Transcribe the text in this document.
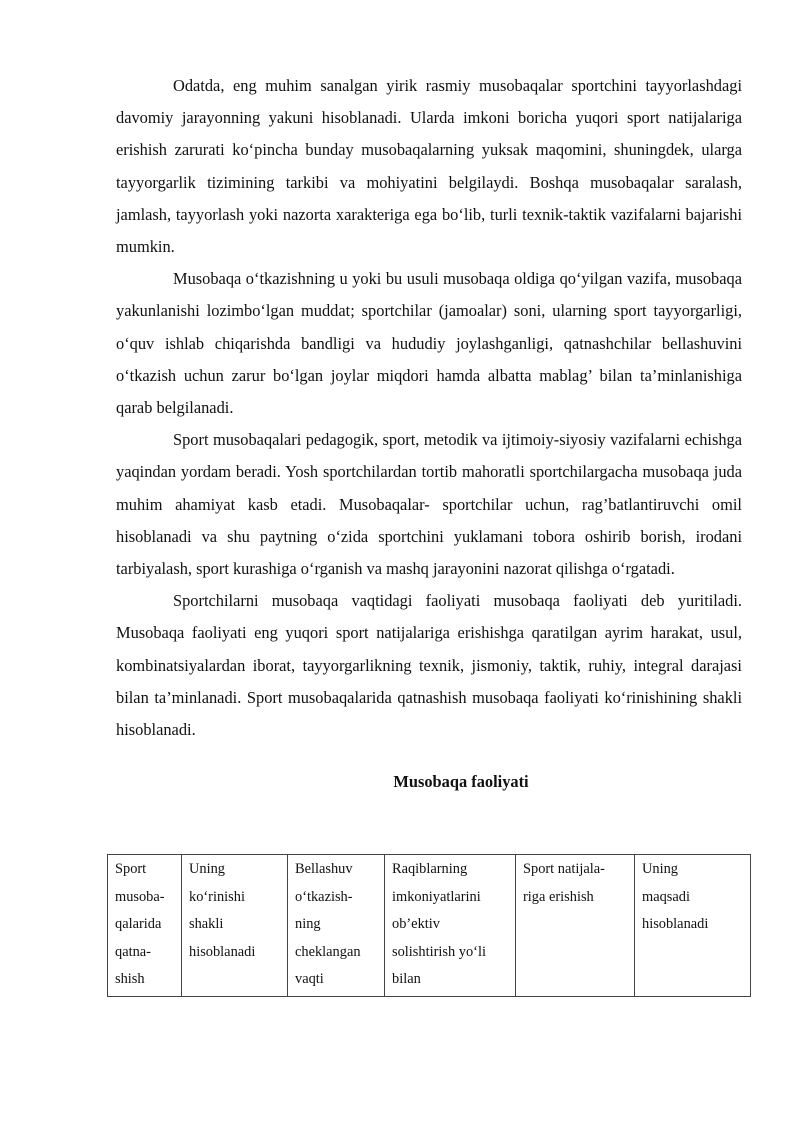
Odatda, eng muhim sanalgan yirik rasmiy musobaqalar sportchini tayyorlashdagi davomiy jarayonning yakuni hisoblanadi. Ularda imkoni boricha yuqori sport natijalariga erishish zarurati ko‘pincha bunday musobaqalarning yuksak maqomini, shuningdek, ularga tayyorgarlik tizimining tarkibi va mohiyatini belgilaydi. Boshqa musobaqalar saralash, jamlash, tayyorlash yoki nazorta xarakteriga ega bo‘lib, turli texnik-taktik vazifalarni bajarishi mumkin.

Musobaqa o‘tkazishning u yoki bu usuli musobaqa oldiga qo‘yilgan vazifa, musobaqa yakunlanishi lozimbo‘lgan muddat; sportchilar (jamoalar) soni, ularning sport tayyorgarligi, o‘quv ishlab chiqarishda bandligi va hududiy joylashganligi, qatnashchilar bellashuvini o‘tkazish uchun zarur bo‘lgan joylar miqdori hamda albatta mablag’ bilan ta’minlanishiga qarab belgilanadi.

Sport musobaqalari pedagogik, sport, metodik va ijtimoiy-siyosiy vazifalarni echishga yaqindan yordam beradi. Yosh sportchilardan tortib mahoratli sportchilargacha musobaqa juda muhim ahamiyat kasb etadi. Musobaqalar- sportchilar uchun, rag’batlantiruvchi omil hisoblanadi va shu paytning o‘zida sportchini yuklamani tobora oshirib borish, irodani tarbiyalash, sport kurashiga o‘rganish va mashq jarayonini nazorat qilishga o‘rgatadi.

Sportchilarni musobaqa vaqtidagi faoliyati musobaqa faoliyati deb yuritiladi. Musobaqa faoliyati eng yuqori sport natijalariga erishishga qaratilgan ayrim harakat, usul, kombinatsiyalardan iborat, tayyorgarlikning texnik, jismoniy, taktik, ruhiy, integral darajasi bilan ta’minlanadi. Sport musobaqalarida qatnashish musobaqa faoliyati ko‘rinishining shakli hisoblanadi.

Musobaqa faoliyati
Sport
musoba-
qalarida
qatna-
shish

Uning
ko‘rinishi
shakli
hisoblanadi

Bellashuv
o‘tkazish-
ning
cheklangan
vaqti

Raqiblarning
imkoniyatlarini
ob’ektiv
solishtirish yo‘li
bilan

Sport natijala-
riga erishish

Uning
maqsadi
hisoblanadi
